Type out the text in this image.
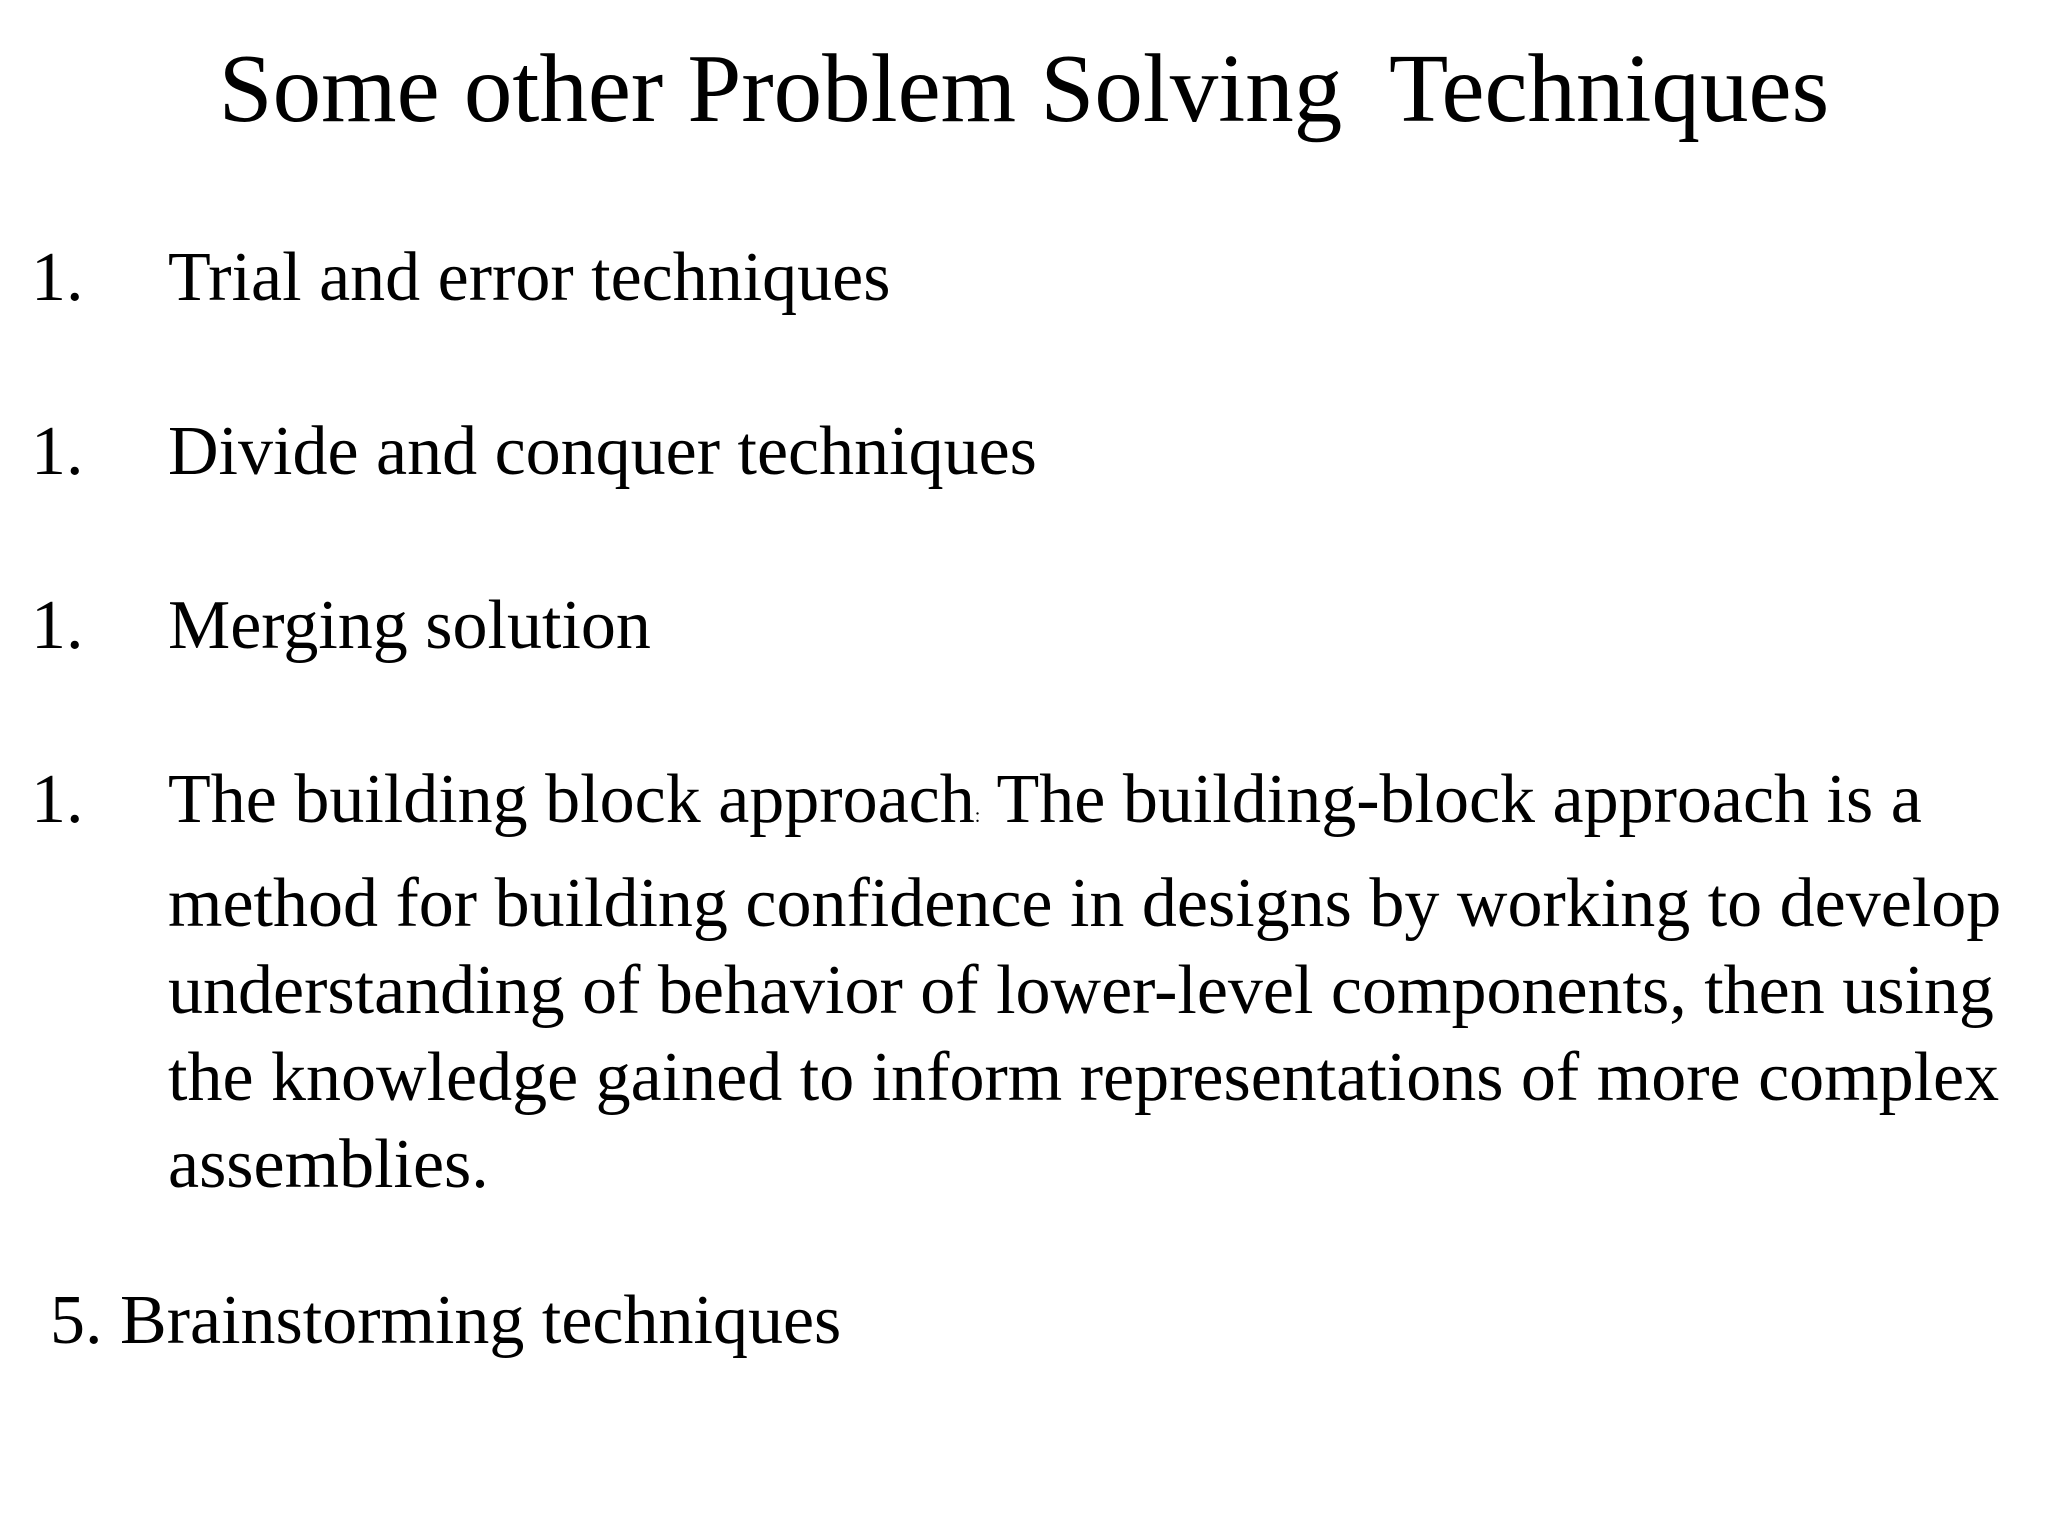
Some other Problem Solving  Techniques
1. Trial and error techniques
1. Divide and conquer techniques
1. Merging solution
1. The building block approach: The building-block approach is a
method for building confidence in designs by working to develop
understanding of behavior of lower-level components, then using
the knowledge gained to inform representations of more complex
assemblies.
5. Brainstorming techniques
